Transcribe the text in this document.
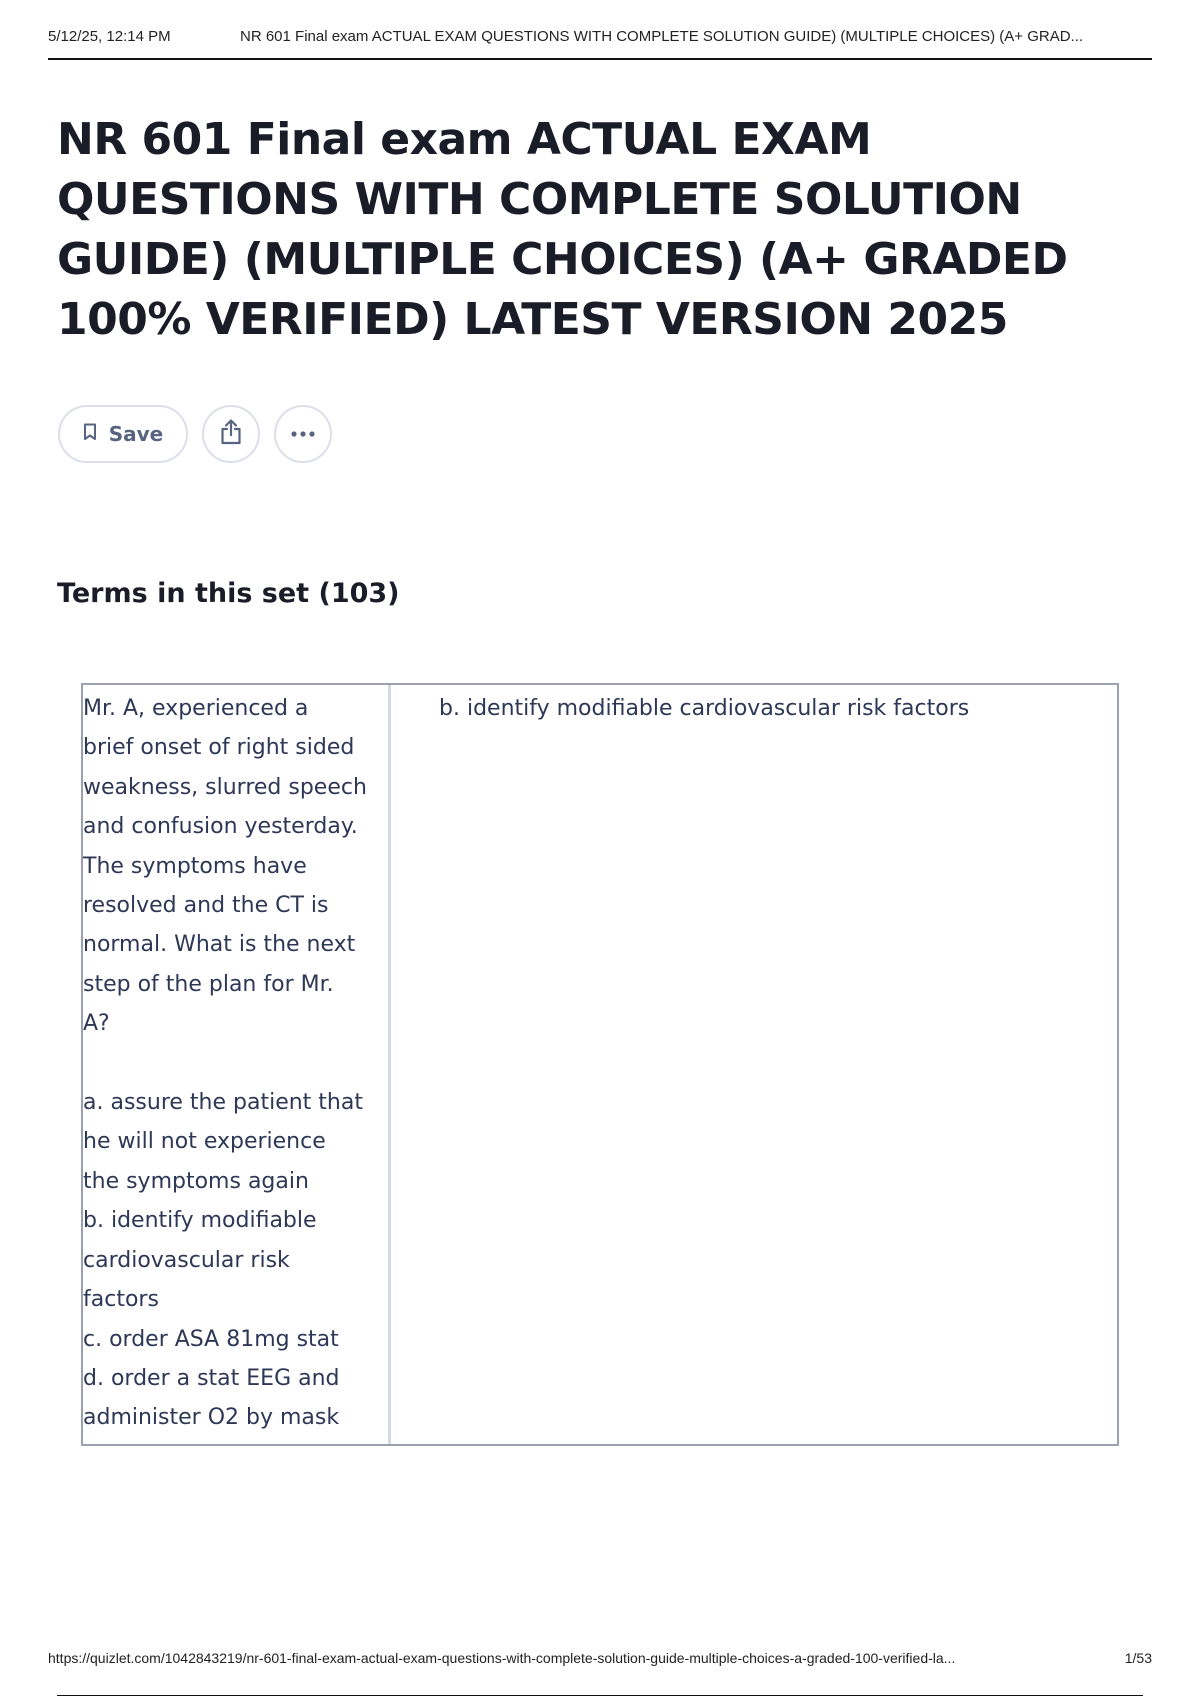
5/12/25, 12:14 PM	NR 601 Final exam ACTUAL EXAM QUESTIONS WITH COMPLETE SOLUTION GUIDE) (MULTIPLE CHOICES) (A+ GRAD...
NR 601 Final exam ACTUAL EXAM QUESTIONS WITH COMPLETE SOLUTION GUIDE) (MULTIPLE CHOICES) (A+ GRADED 100% VERIFIED) LATEST VERSION 2025
Save
Terms in this set (103)

Mr. A, experienced a
brief onset of right sided
weakness, slurred speech
and confusion yesterday.
The symptoms have
resolved and the CT is
normal. What is the next
step of the plan for Mr.
A?

a. assure the patient that
he will not experience
the symptoms again
b. identify modifiable
cardiovascular risk
factors
c. order ASA 81mg stat
d. order a stat EEG and
administer O2 by mask

b. identify modifiable cardiovascular risk factors

https://quizlet.com/1042843219/nr-601-final-exam-actual-exam-questions-with-complete-solution-guide-multiple-choices-a-graded-100-verified-la...	1/53
